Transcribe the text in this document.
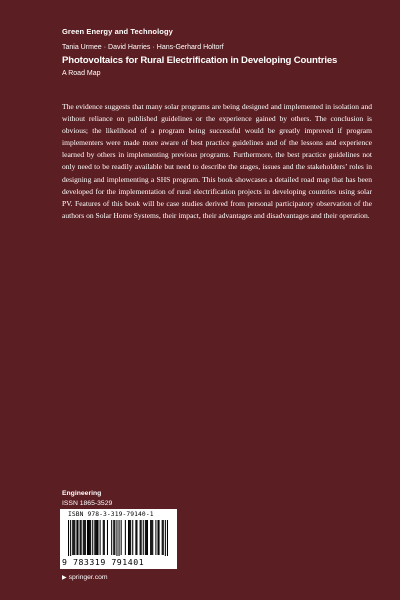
Green Energy and Technology
Tania Urmee · David Harries · Hans-Gerhard Holtorf
Photovoltaics for Rural Electrification in Developing Countries
A Road Map

The evidence suggests that many solar programs are being designed and implemented in isolation and without reliance on published guidelines or the experience gained by others. The conclusion is obvious; the likelihood of a program being successful would be greatly improved if program implementers were made more aware of best practice guidelines and of the lessons and experience learned by others in implementing previous programs. Furthermore, the best practice guidelines not only need to be readily available but need to describe the stages, issues and the stakeholders’ roles in designing and implementing a SHS program. This book showcases a detailed road map that has been developed for the implementation of rural electrification projects in developing countries using solar PV. Features of this book will be case studies derived from personal participatory observation of the authors on Solar Home Systems, their impact, their advantages and disadvantages and their operation.

Engineering
ISSN 1865-3529
ISBN 978-3-319-79140-1
9 783319 791401
▶ springer.com
